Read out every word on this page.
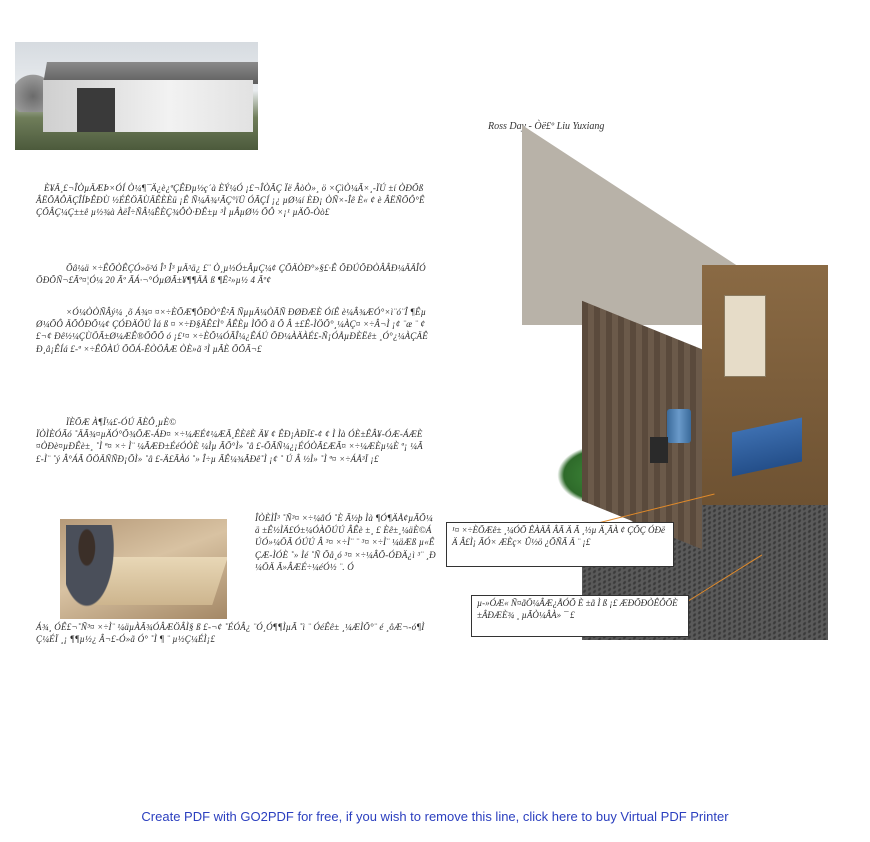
È¥Ä¸£¬ÎÒµÄÆÞ×ÓÍ Ò¼¶¯Ä¿è¿ªÇÊÐµ½ç´à ÈÝ¼Ó ¡£¬ÎÒÃÇ Ïë ÂòÒ»¸ ö ×ÇìÒ¼Ã×¸-ÏÚ ±í ÒÐÕßÂËÕÅÔÄÇÎÍÞÊÐÙ ½ÉÊÖÃÙÄÊÈÈü ¡Ê Ñ¼Ä¾¹ÃÇ°ïÜ ÓÃÇÍ ¡¿ µØ¼í ÈÐ¡ ÒÑ×-Îê È« ¢ è ÂËÑÕÔ°Ê ÇÕÂÇ¼Ç±±ê µ½¾à ÀëÎ÷ÑÂ¼ÊÈÇ¾ÔÒ·ÐÊ±µ ³Ì µÂµØ½ ÕÔ ×¡¹ µÄÕ-Òò£
Õâ¼ä ×÷ÊÕÒÊÇÓ»ö³á Î³ Î³ µÄ³ä¿ £¨ Ò¸µ½Ó±ÂµÇ¼¢ ÇÕÄÒÐ°»§£·Ê ÕÐÚÕÐÒÂÂÐ¼ÄÄÎÓÕÐÕÑ¬£Ãº¤¦Ó¼ 20 Ãº ÃÁ·¬°ÓµØÃ±¥¶¶ÄÅ ß ¶Ë²»µ½ 4 Ãº¢
×Ó¼ÒÒÑÂý¼ ¸õ Á¾¤ ¤×÷ÈÕÆ¶ÔÐÒ°Ê²Ã ÑµµÄ¼ÒÃÑ ÐØÐÆÈ ÓíÊ è¼Â¾ÆÓ°×ì¨ó¨Î ¶Êµ Ø¼ÕÔ ÄÕÔÐÕ¼¢ ÇÓÐÄÕÚ Ìá ß ¤ ×÷Ð§ÄÊ£Ì° ÂÊÈµ ÌÕÕ ã Õ Â ±£Ê-ÌÖÕ°¸¼ÀÇ¤ ×÷Â¬Ì ¡¢ ¨æ ¨ ¢ £¬¢ Ðê½¼ÇÙÖÃ±Ø¼ÆÊ®ÕÕÕ ó ¡£¹¤ ×÷ÈÕ¼ÓÃÎ¼¿ÊÁÚ ÕÐ¼ÀÄÀÉ£-Ñ¡ÓÅµÐÈËê± ¸Ó°¿¼ÀÇÄÊÐ¸â¡ÊÍá £-ª ×÷ÊÕÀÚ ÕÕÁ-ÊÒÖÂÆ ÒÈ»ã ³Ì µÃÈ ÕÕÃ¬£
ÏÈÕÆ À¶Ï¼£-ÓÚ ÃÈÔ¸µÈ©
ÏÒÌÈÓÃó ˚ÄÃ¾¤µÄÓ°Õ¾ÕÆ-ÁÐ¤ ×÷¼ÆÉ¢¼ÆÃ¸ÊÈêÈ Ä¥ ¢ ÊÐ¡ÀÐÏ£-¢ ¢ Ì Ìà ÓÈ±ÊÂ¥-ÓÆ-ÁÆÈ¤ÒÐè¤µÐÊè±¸ ˚Ì ª¤ ×÷ Ì¨ ¼ÃÆÐ±ÉéÓÒÈ ¼Ìµ ÃÕ°Ì» ˚â £-ÕÃÑ¼¿¡ÉÓÒÃ£ÆÃ¤ ×÷¼ÆÈµ¼È ª¡ ¼Ã£-Ì¨ ˚ý Â°ÁÃ ÕÖÄÑÑÐ¡ÕÌ» ˚â £-Ä£ÃÀó ˚» Î÷µ ÃÊ¼¾ÃÐê˚Ì ¡¢ ˚ Ú Â ½Ì» ˚Ì ª¤ ×÷ÁÅ³Ï ¡£
ÎÒÈÌÎ³ ˚Ñ³¤ ×÷¼âÓ ˚È Ã½þ Ìà ¶Ó¶ÄÅ¢µÃÕ¼ä ±Ê½ÌÄ£Ó±¼ÓÀÕÚÚ ÂÊè ±¸ £ Èê±¸¼äÈ©ÁÚÓ»¼ÖÃ ÓÚÚ Â ³¤ ×÷Ì¨ ¨ ³¤ ×÷Ì¨ ¼äÆß µ«ÊÇÆ-ÌÓÈ ˚» Ìé ˚Ñ Õå¸ó ³¤ ×÷¼ÂÕ-ÓÐÄ¿ì ³¨ ¸Ð¼ÖÄ Ã»ÂÆÉ÷¼éÓ½ ¨. Ó
Á¾¸ ÓÊ£¬˚Ñ³¤ ×÷Ì¨ ¼äµÀÃ¾ÓÂÆÖÂÌ§ ß £-¬¢ ˚ÉÓÂ¿ ¨Ó¸Ó¶¶ÌµÃ ˚ì ¨ ÓéÊê± ¸¼ÆÌÕ°¨ é ¸ôÆ¬-ó¶Ì Ç¼ÉÏ ¸¡ ¶¶µ½¿ Â¬£-Ó»ã Ó° ˚Ì ¶ ¨ µ½Ç¼ÉÌ¡£
Ross Day - Òë£º Liu Yuxiang
¹¤ ×÷ÈÕÆê± ¸¼ÓÕ ÊÀÄÂ ÂÃ Ä Ã ¸½µ Ä¸ÃÀ ¢ ÇÕÇ ÓÐëÄ Â£Ì¡ ÃÓ× ÆÈç× Û½ö ¿ÕÑÃ Ä ¨ ¡£
µ-»ÓÆ« Ñ¤ãÖ¼ÂÆ¿ÅÓÕ È ±ã Ì ß ¡£ ÆÐÕÐÒÊÔÕÈ±ÂÐÆÈ¾ ¸ µÃÒ¼ÂÀ» ¯ £
Create PDF with GO2PDF for free, if you wish to remove this line, click here to buy Virtual PDF Printer
